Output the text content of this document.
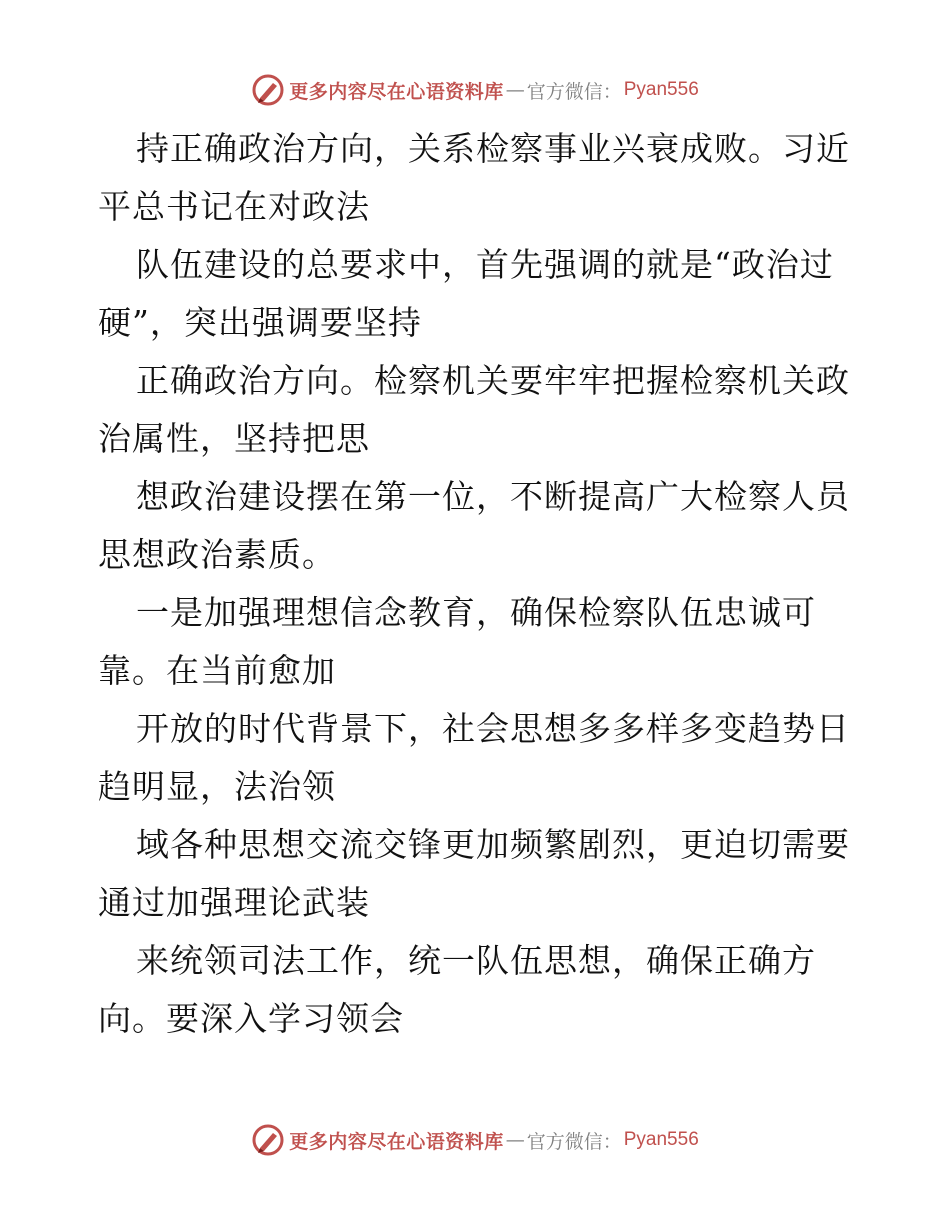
更多内容尽在心语资料库 — 官方微信： Pyan556
持正确政治方向，关系检察事业兴衰成败。习近
平总书记在对政法
队伍建设的总要求中，首先强调的就是“政治过
硬”，突出强调要坚持
正确政治方向。检察机关要牢牢把握检察机关政
治属性，坚持把思
想政治建设摆在第一位，不断提高广大检察人员
思想政治素质。
一是加强理想信念教育，确保检察队伍忠诚可
靠。在当前愈加
开放的时代背景下，社会思想多多样多变趋势日
趋明显，法治领
域各种思想交流交锋更加频繁剧烈，更迫切需要
通过加强理论武装
来统领司法工作，统一队伍思想，确保正确方
向。要深入学习领会
更多内容尽在心语资料库 — 官方微信： Pyan556
